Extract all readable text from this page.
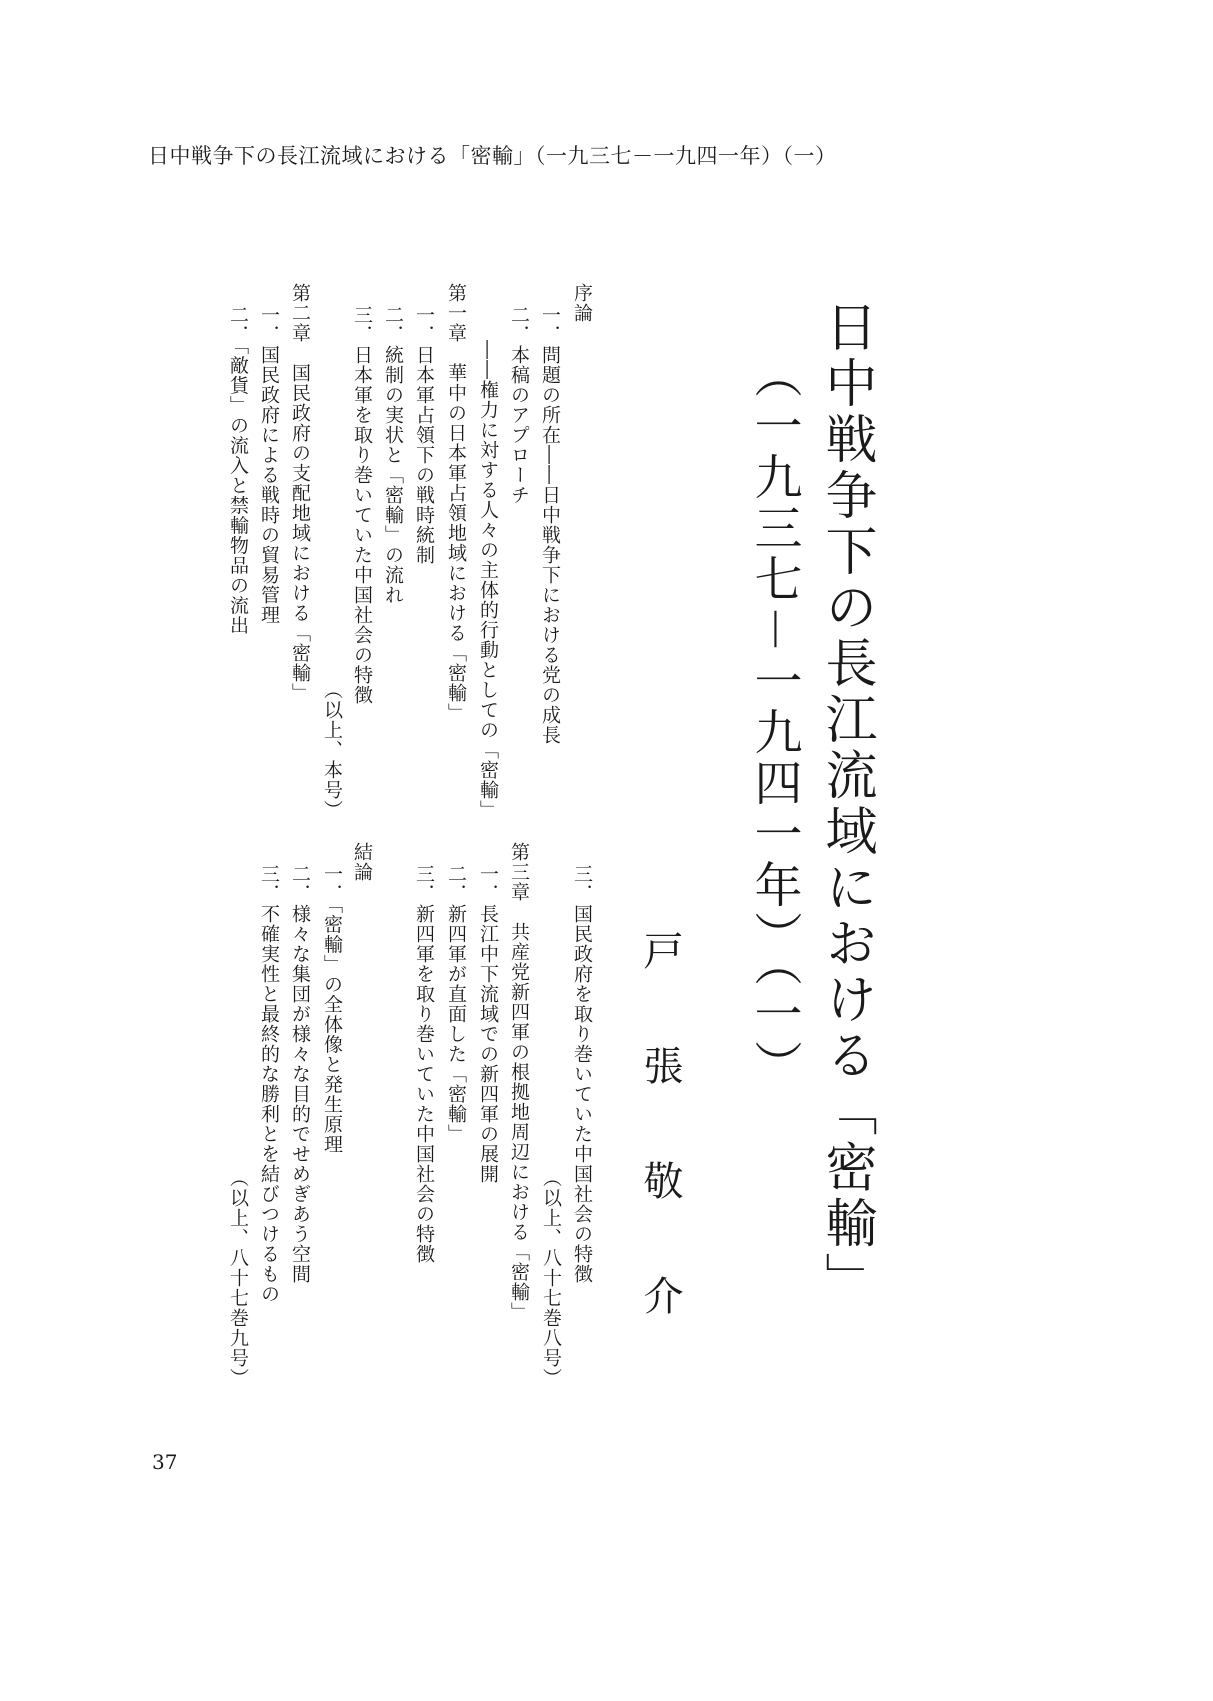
日中戦争下の長江流域における「密輸」（一九三七－一九四一年）（一）
日中戦争下の長江流域における「密輸」
（一九三七－一九四一年）（一）
戸張敬介
序論
一．問題の所在――日中戦争下における党の成長
二．本稿のアプローチ
――権力に対する人々の主体的行動としての「密輸」
第一章　華中の日本軍占領地域における「密輸」
一．日本軍占領下の戦時統制
二．統制の実状と「密輸」の流れ
三．日本軍を取り巻いていた中国社会の特徴
（以上、本号）
第二章　国民政府の支配地域における「密輸」
一．国民政府による戦時の貿易管理
二．「敵貨」の流入と禁輸物品の流出
三．国民政府を取り巻いていた中国社会の特徴
（以上、八十七巻八号）
第三章　共産党新四軍の根拠地周辺における「密輸」
一．長江中下流域での新四軍の展開
二．新四軍が直面した「密輸」
三．新四軍を取り巻いていた中国社会の特徴
結論
一．「密輸」の全体像と発生原理
二．様々な集団が様々な目的でせめぎあう空間
三．不確実性と最終的な勝利とを結びつけるもの
（以上、八十七巻九号）
37
